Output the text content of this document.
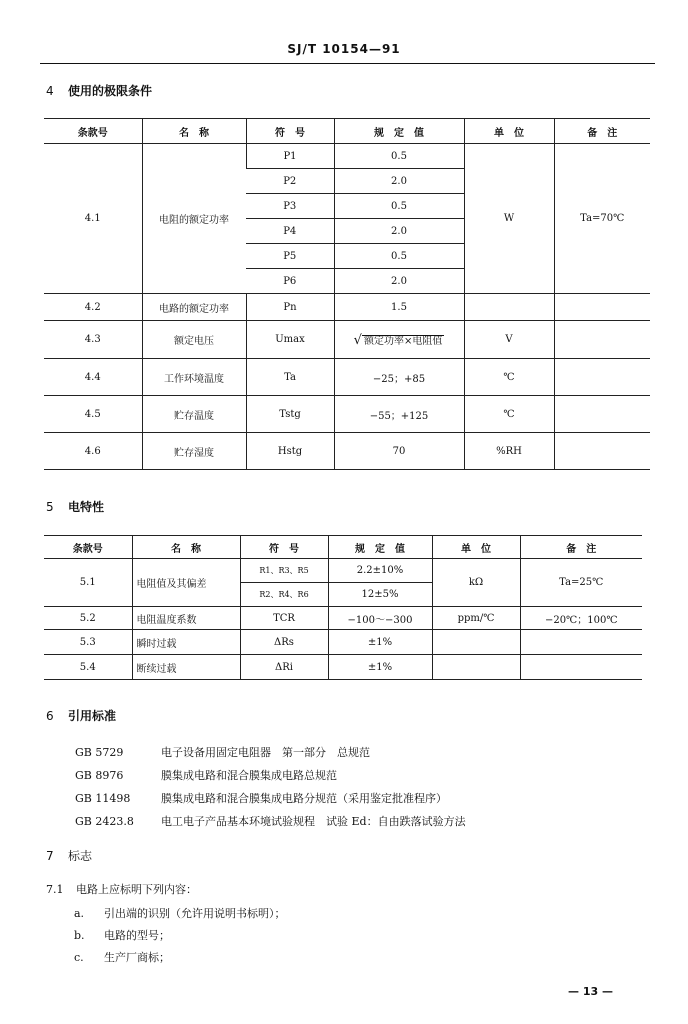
SJ/T 10154—91
4 使用的极限条件
条款号	名　称	符　号	规　定　值	单　位	备　注
4.1	电阻的额定功率	P1	0.5	W	Ta=70℃
		P2	2.0		
		P3	0.5		
		P4	2.0		
		P5	0.5		
		P6	2.0		
4.2	电路的额定功率	Pn	1.5		
4.3	额定电压	Umax	√ 额定功率×电阻值	V	
4.4	工作环境温度	Ta	−25；+85	℃	
4.5	贮存温度	Tstg	−55；+125	℃	
4.6	贮存湿度	Hstg	70	%RH	
5 电特性
条款号	名　称	符　号	规　定　值	单　位	备　注
5.1	电阻值及其偏差	R1、R3、R5	2.2±10%	kΩ	Ta=25℃
		R2、R4、R6	12±5%		
5.2	电阻温度系数	TCR	−100～−300	ppm/℃	−20℃；100℃
5.3	瞬时过载	ΔRs	±1%		
5.4	断续过载	ΔRi	±1%		
6 引用标准
GB 5729	电子设备用固定电阻器　第一部分　总规范
GB 8976	膜集成电路和混合膜集成电路总规范
GB 11498	膜集成电路和混合膜集成电路分规范（采用鉴定批准程序）
GB 2423.8 电工电子产品基本环境试验规程　试验 Ed：自由跌落试验方法
7 标志
7.1 电路上应标明下列内容：
a. 引出端的识别（允许用说明书标明）；
b. 电路的型号；
c. 生产厂商标；
— 13 —
